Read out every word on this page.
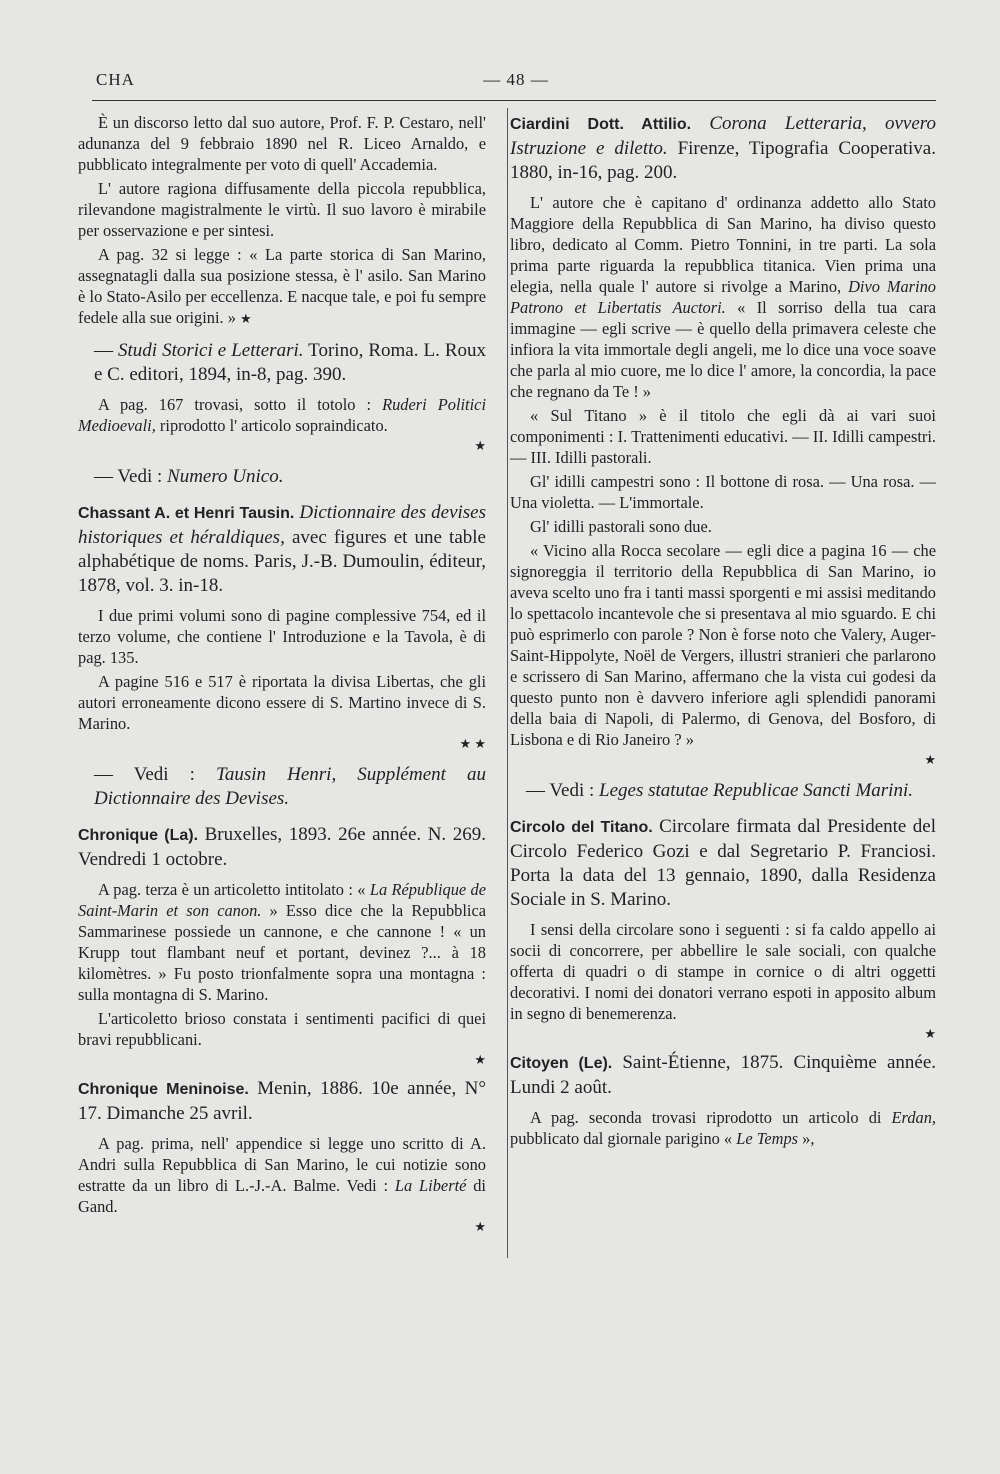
CHA	— 48 —

È un discorso letto dal suo autore, Prof. F. P. Cestaro, nell' adunanza del 9 febbraio 1890 nel R. Liceo Arnaldo, e pubblicato integralmente per voto di quell' Accademia.

L' autore ragiona diffusamente della piccola repubblica, rilevandone magistralmente le virtù. Il suo lavoro è mirabile per osservazione e per sintesi.

A pag. 32 si legge : « La parte storica di San Marino, assegnatagli dalla sua posizione stessa, è l' asilo. San Marino è lo Stato-Asilo per eccellenza. E nacque tale, e poi fu sempre fedele alla sue origini. » ★

— Studi Storici e Letterari. Torino, Roma. L. Roux e C. editori, 1894, in-8, pag. 390.

A pag. 167 trovasi, sotto il totolo : Ruderi Politici Medioevali, riprodotto l' articolo sopraindicato.

★

— Vedi : Numero Unico.

Chassant A. et Henri Tausin. Dictionnaire des devises historiques et héraldiques, avec figures et une table alphabétique de noms. Paris, J.-B. Dumoulin, éditeur, 1878, vol. 3. in-18.

I due primi volumi sono di pagine complessive 754, ed il terzo volume, che contiene l' Introduzione e la Tavola, è di pag. 135.

A pagine 516 e 517 è riportata la divisa Libertas, che gli autori erroneamente dicono essere di S. Martino invece di S. Marino.

★ ★

— Vedi : Tausin Henri, Supplément au Dictionnaire des Devises.

Chronique (La). Bruxelles, 1893. 26e année. N. 269. Vendredi 1 octobre.

A pag. terza è un articoletto intitolato : « La République de Saint-Marin et son canon. » Esso dice che la Repubblica Sammarinese possiede un cannone, e che cannone ! « un Krupp tout flambant neuf et portant, devinez ?... à 18 kilomètres. » Fu posto trionfalmente sopra una montagna : sulla montagna di S. Marino.

L'articoletto brioso constata i sentimenti pacifici di quei bravi repubblicani.

★

Chronique Meninoise. Menin, 1886. 10e année, N° 17. Dimanche 25 avril.

A pag. prima, nell' appendice si legge uno scritto di A. Andri sulla Repubblica di San Marino, le cui notizie sono estratte da un libro di L.-J.-A. Balme. Vedi : La Liberté di Gand.

★

Ciardini Dott. Attilio. Corona Letteraria, ovvero Istruzione e diletto. Firenze, Tipografia Cooperativa. 1880, in-16, pag. 200.

L' autore che è capitano d' ordinanza addetto allo Stato Maggiore della Repubblica di San Marino, ha diviso questo libro, dedicato al Comm. Pietro Tonnini, in tre parti. La sola prima parte riguarda la repubblica titanica. Vien prima una elegia, nella quale l' autore si rivolge a Marino, Divo Marino Patrono et Libertatis Auctori. « Il sorriso della tua cara immagine — egli scrive — è quello della primavera celeste che infiora la vita immortale degli angeli, me lo dice una voce soave che parla al mio cuore, me lo dice l' amore, la concordia, la pace che regnano da Te ! »

« Sul Titano » è il titolo che egli dà ai vari suoi componimenti : I. Trattenimenti educativi. — II. Idilli campestri. — III. Idilli pastorali.

Gl' idilli campestri sono : Il bottone di rosa. — Una rosa. — Una violetta. — L'immortale.

Gl' idilli pastorali sono due.

« Vicino alla Rocca secolare — egli dice a pagina 16 — che signoreggia il territorio della Repubblica di San Marino, io aveva scelto uno fra i tanti massi sporgenti e mi assisi meditando lo spettacolo incantevole che si presentava al mio sguardo. E chi può esprimerlo con parole ? Non è forse noto che Valery, Auger-Saint-Hippolyte, Noël de Vergers, illustri stranieri che parlarono e scrissero di San Marino, affermano che la vista cui godesi da questo punto non è davvero inferiore agli splendidi panorami della baia di Napoli, di Palermo, di Genova, del Bosforo, di Lisbona e di Rio Janeiro ? »

★

— Vedi : Leges statutae Republicae Sancti Marini.

Circolo del Titano. Circolare firmata dal Presidente del Circolo Federico Gozi e dal Segretario P. Franciosi. Porta la data del 13 gennaio, 1890, dalla Residenza Sociale in S. Marino.

I sensi della circolare sono i seguenti : si fa caldo appello ai socii di concorrere, per abbellire le sale sociali, con qualche offerta di quadri o di stampe in cornice o di altri oggetti decorativi. I nomi dei donatori verrano espoti in apposito album in segno di benemerenza.

★

Citoyen (Le). Saint-Étienne, 1875. Cinquième année. Lundi 2 août.

A pag. seconda trovasi riprodotto un articolo di Erdan, pubblicato dal giornale parigino « Le Temps »,
